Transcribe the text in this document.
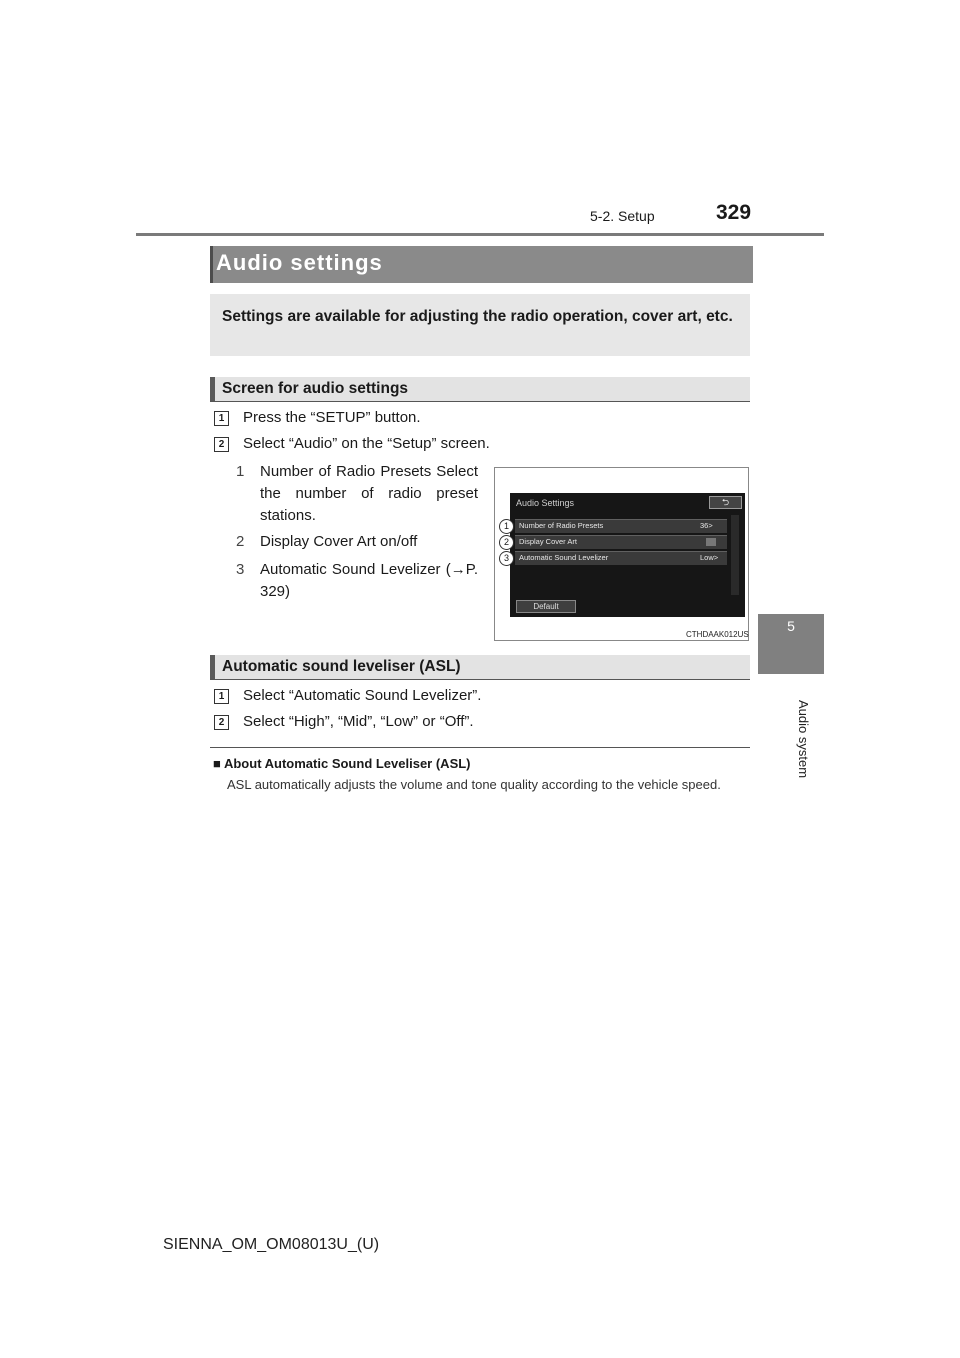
5-2. Setup	329
5
Audio system
Audio settings
Settings are available for adjusting the radio operation, cover art, etc.
Screen for audio settings
1	Press the “SETUP” button.
2	Select “Audio” on the “Setup” screen.
1 Number of Radio Presets Select the number of radio preset stations.
2 Display Cover Art on/off
3 Automatic Sound Levelizer (→P. 329)
Audio Settings	⮌
Number of Radio Presets	36>
Display Cover Art
Automatic Sound Levelizer	Low>
Default
1
2
3
CTHDAAK012US
Automatic sound leveliser (ASL)
1	Select “Automatic Sound Levelizer”.
2	Select “High”, “Mid”, “Low” or “Off”.
■ About Automatic Sound Leveliser (ASL)
ASL automatically adjusts the volume and tone quality according to the vehicle speed.
SIENNA_OM_OM08013U_(U)
